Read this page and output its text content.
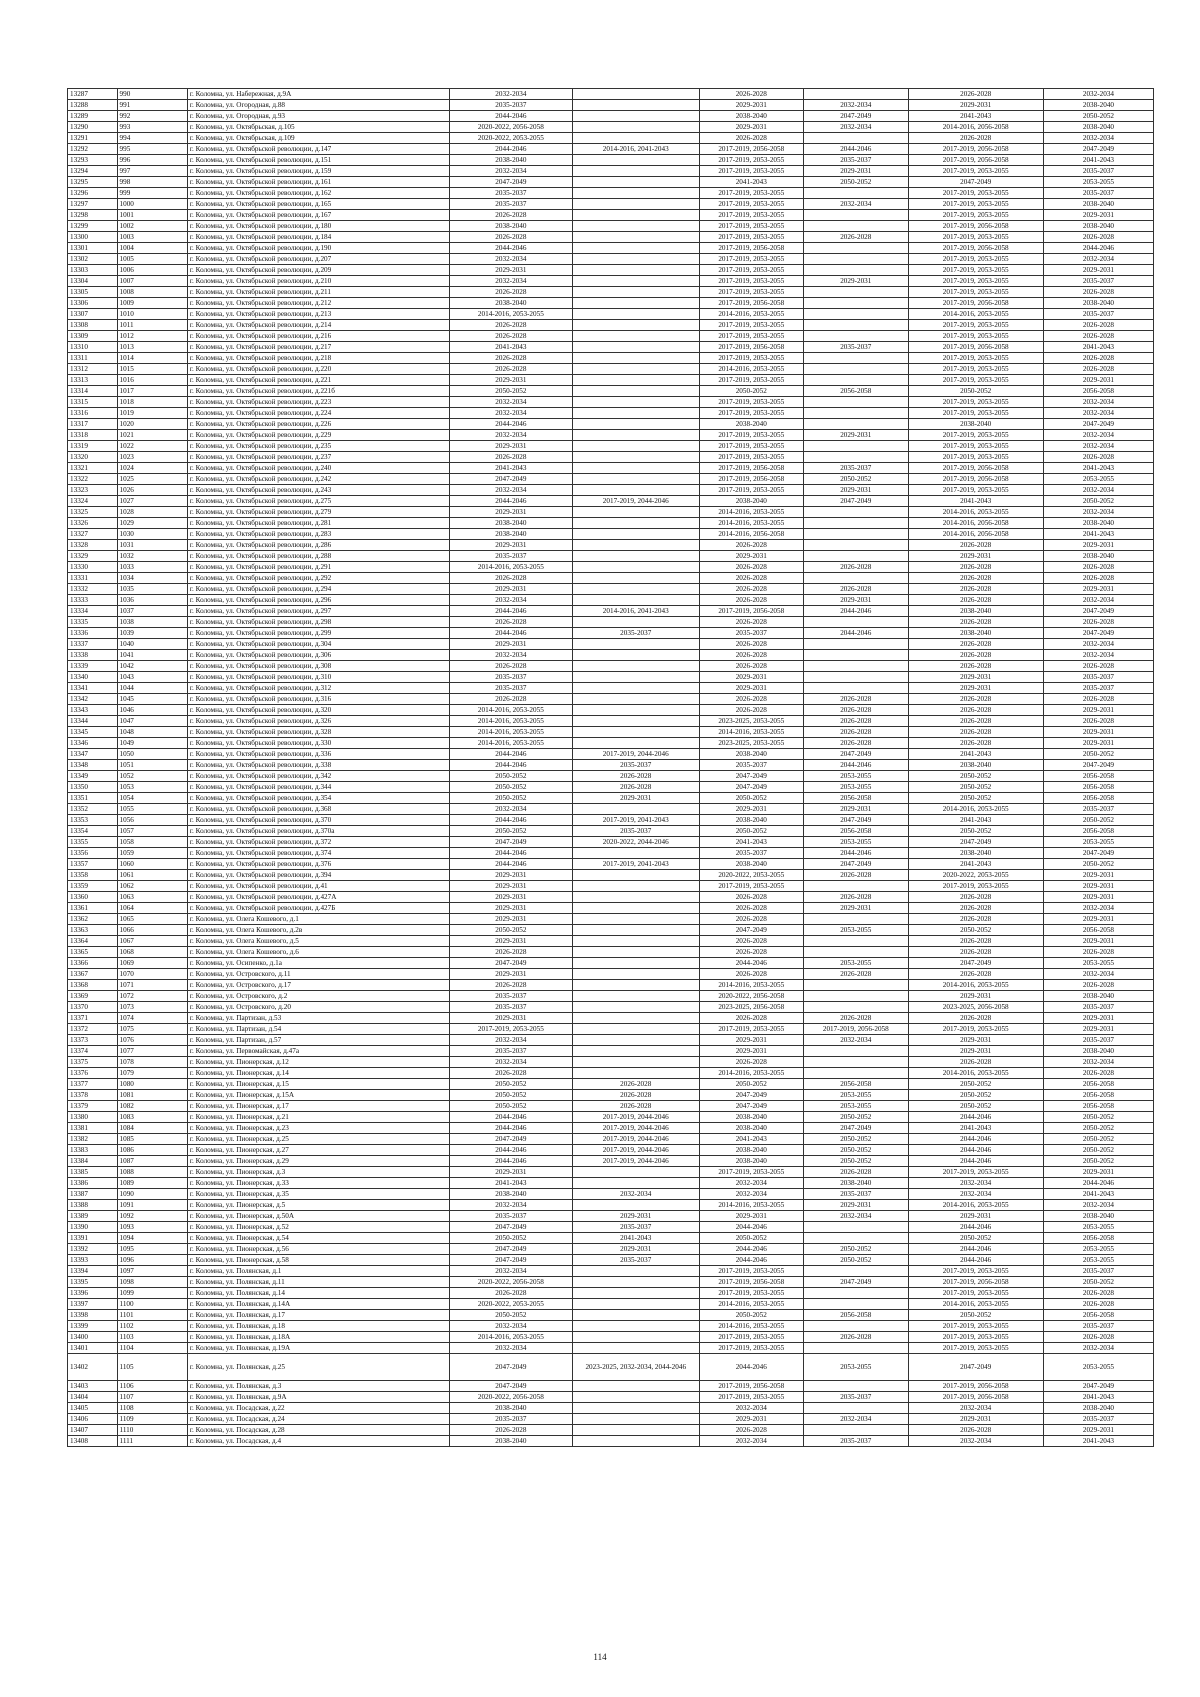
13287	990	г. Коломна, ул. Набережная, д.9А	2032-2034		2026-2028		2026-2028	2032-2034
13288	991	г. Коломна, ул. Огородная, д.88	2035-2037		2029-2031	2032-2034	2029-2031	2038-2040
13289	992	г. Коломна, ул. Огородная, д.93	2044-2046		2038-2040	2047-2049	2041-2043	2050-2052
13290	993	г. Коломна, ул. Октябрьская, д.105	2020-2022, 2056-2058		2029-2031	2032-2034	2014-2016, 2056-2058	2038-2040
13291	994	г. Коломна, ул. Октябрьская, д.109	2020-2022, 2053-2055		2026-2028		2026-2028	2032-2034
13292	995	г. Коломна, ул. Октябрьской революции, д.147	2044-2046	2014-2016, 2041-2043	2017-2019, 2056-2058	2044-2046	2017-2019, 2056-2058	2047-2049
13293	996	г. Коломна, ул. Октябрьской революции, д.151	2038-2040		2017-2019, 2053-2055	2035-2037	2017-2019, 2056-2058	2041-2043
13294	997	г. Коломна, ул. Октябрьской революции, д.159	2032-2034		2017-2019, 2053-2055	2029-2031	2017-2019, 2053-2055	2035-2037
13295	998	г. Коломна, ул. Октябрьской революции, д.161	2047-2049		2041-2043	2050-2052	2047-2049	2053-2055
13296	999	г. Коломна, ул. Октябрьской революции, д.162	2035-2037		2017-2019, 2053-2055		2017-2019, 2053-2055	2035-2037
13297	1000	г. Коломна, ул. Октябрьской революции, д.165	2035-2037		2017-2019, 2053-2055	2032-2034	2017-2019, 2053-2055	2038-2040
13298	1001	г. Коломна, ул. Октябрьской революции, д.167	2026-2028		2017-2019, 2053-2055		2017-2019, 2053-2055	2029-2031
13299	1002	г. Коломна, ул. Октябрьской революции, д.180	2038-2040		2017-2019, 2053-2055		2017-2019, 2056-2058	2038-2040
13300	1003	г. Коломна, ул. Октябрьской революции, д.184	2026-2028		2017-2019, 2053-2055	2026-2028	2017-2019, 2053-2055	2026-2028
13301	1004	г. Коломна, ул. Октябрьской революции, д.190	2044-2046		2017-2019, 2056-2058		2017-2019, 2056-2058	2044-2046
13302	1005	г. Коломна, ул. Октябрьской революции, д.207	2032-2034		2017-2019, 2053-2055		2017-2019, 2053-2055	2032-2034
13303	1006	г. Коломна, ул. Октябрьской революции, д.209	2029-2031		2017-2019, 2053-2055		2017-2019, 2053-2055	2029-2031
13304	1007	г. Коломна, ул. Октябрьской революции, д.210	2032-2034		2017-2019, 2053-2055	2029-2031	2017-2019, 2053-2055	2035-2037
13305	1008	г. Коломна, ул. Октябрьской революции, д.211	2026-2028		2017-2019, 2053-2055		2017-2019, 2053-2055	2026-2028
13306	1009	г. Коломна, ул. Октябрьской революции, д.212	2038-2040		2017-2019, 2056-2058		2017-2019, 2056-2058	2038-2040
13307	1010	г. Коломна, ул. Октябрьской революции, д.213	2014-2016, 2053-2055		2014-2016, 2053-2055		2014-2016, 2053-2055	2035-2037
13308	1011	г. Коломна, ул. Октябрьской революции, д.214	2026-2028		2017-2019, 2053-2055		2017-2019, 2053-2055	2026-2028
13309	1012	г. Коломна, ул. Октябрьской революции, д.216	2026-2028		2017-2019, 2053-2055		2017-2019, 2053-2055	2026-2028
13310	1013	г. Коломна, ул. Октябрьской революции, д.217	2041-2043		2017-2019, 2056-2058	2035-2037	2017-2019, 2056-2058	2041-2043
13311	1014	г. Коломна, ул. Октябрьской революции, д.218	2026-2028		2017-2019, 2053-2055		2017-2019, 2053-2055	2026-2028
13312	1015	г. Коломна, ул. Октябрьской революции, д.220	2026-2028		2014-2016, 2053-2055		2017-2019, 2053-2055	2026-2028
13313	1016	г. Коломна, ул. Октябрьской революции, д.221	2029-2031		2017-2019, 2053-2055		2017-2019, 2053-2055	2029-2031
13314	1017	г. Коломна, ул. Октябрьской революции, д.221б	2050-2052		2050-2052	2056-2058	2050-2052	2056-2058
13315	1018	г. Коломна, ул. Октябрьской революции, д.223	2032-2034		2017-2019, 2053-2055		2017-2019, 2053-2055	2032-2034
13316	1019	г. Коломна, ул. Октябрьской революции, д.224	2032-2034		2017-2019, 2053-2055		2017-2019, 2053-2055	2032-2034
13317	1020	г. Коломна, ул. Октябрьской революции, д.226	2044-2046		2038-2040		2038-2040	2047-2049
13318	1021	г. Коломна, ул. Октябрьской революции, д.229	2032-2034		2017-2019, 2053-2055	2029-2031	2017-2019, 2053-2055	2032-2034
13319	1022	г. Коломна, ул. Октябрьской революции, д.235	2029-2031		2017-2019, 2053-2055		2017-2019, 2053-2055	2032-2034
13320	1023	г. Коломна, ул. Октябрьской революции, д.237	2026-2028		2017-2019, 2053-2055		2017-2019, 2053-2055	2026-2028
13321	1024	г. Коломна, ул. Октябрьской революции, д.240	2041-2043		2017-2019, 2056-2058	2035-2037	2017-2019, 2056-2058	2041-2043
13322	1025	г. Коломна, ул. Октябрьской революции, д.242	2047-2049		2017-2019, 2056-2058	2050-2052	2017-2019, 2056-2058	2053-2055
13323	1026	г. Коломна, ул. Октябрьской революции, д.243	2032-2034		2017-2019, 2053-2055	2029-2031	2017-2019, 2053-2055	2032-2034
13324	1027	г. Коломна, ул. Октябрьской революции, д.275	2044-2046	2017-2019, 2044-2046	2038-2040	2047-2049	2041-2043	2050-2052
13325	1028	г. Коломна, ул. Октябрьской революции, д.279	2029-2031		2014-2016, 2053-2055		2014-2016, 2053-2055	2032-2034
13326	1029	г. Коломна, ул. Октябрьской революции, д.281	2038-2040		2014-2016, 2053-2055		2014-2016, 2056-2058	2038-2040
13327	1030	г. Коломна, ул. Октябрьской революции, д.283	2038-2040		2014-2016, 2056-2058		2014-2016, 2056-2058	2041-2043
13328	1031	г. Коломна, ул. Октябрьской революции, д.286	2029-2031		2026-2028		2026-2028	2029-2031
13329	1032	г. Коломна, ул. Октябрьской революции, д.288	2035-2037		2029-2031		2029-2031	2038-2040
13330	1033	г. Коломна, ул. Октябрьской революции, д.291	2014-2016, 2053-2055		2026-2028	2026-2028	2026-2028	2026-2028
13331	1034	г. Коломна, ул. Октябрьской революции, д.292	2026-2028		2026-2028		2026-2028	2026-2028
13332	1035	г. Коломна, ул. Октябрьской революции, д.294	2029-2031		2026-2028	2026-2028	2026-2028	2029-2031
13333	1036	г. Коломна, ул. Октябрьской революции, д.296	2032-2034		2026-2028	2029-2031	2026-2028	2032-2034
13334	1037	г. Коломна, ул. Октябрьской революции, д.297	2044-2046	2014-2016, 2041-2043	2017-2019, 2056-2058	2044-2046	2038-2040	2047-2049
13335	1038	г. Коломна, ул. Октябрьской революции, д.298	2026-2028		2026-2028		2026-2028	2026-2028
13336	1039	г. Коломна, ул. Октябрьской революции, д.299	2044-2046	2035-2037	2035-2037	2044-2046	2038-2040	2047-2049
13337	1040	г. Коломна, ул. Октябрьской революции, д.304	2029-2031		2026-2028		2026-2028	2032-2034
13338	1041	г. Коломна, ул. Октябрьской революции, д.306	2032-2034		2026-2028		2026-2028	2032-2034
13339	1042	г. Коломна, ул. Октябрьской революции, д.308	2026-2028		2026-2028		2026-2028	2026-2028
13340	1043	г. Коломна, ул. Октябрьской революции, д.310	2035-2037		2029-2031		2029-2031	2035-2037
13341	1044	г. Коломна, ул. Октябрьской революции, д.312	2035-2037		2029-2031		2029-2031	2035-2037
13342	1045	г. Коломна, ул. Октябрьской революции, д.316	2026-2028		2026-2028	2026-2028	2026-2028	2026-2028
13343	1046	г. Коломна, ул. Октябрьской революции, д.320	2014-2016, 2053-2055		2026-2028	2026-2028	2026-2028	2029-2031
13344	1047	г. Коломна, ул. Октябрьской революции, д.326	2014-2016, 2053-2055		2023-2025, 2053-2055	2026-2028	2026-2028	2026-2028
13345	1048	г. Коломна, ул. Октябрьской революции, д.328	2014-2016, 2053-2055		2014-2016, 2053-2055	2026-2028	2026-2028	2029-2031
13346	1049	г. Коломна, ул. Октябрьской революции, д.330	2014-2016, 2053-2055		2023-2025, 2053-2055	2026-2028	2026-2028	2029-2031
13347	1050	г. Коломна, ул. Октябрьской революции, д.336	2044-2046	2017-2019, 2044-2046	2038-2040	2047-2049	2041-2043	2050-2052
13348	1051	г. Коломна, ул. Октябрьской революции, д.338	2044-2046	2035-2037	2035-2037	2044-2046	2038-2040	2047-2049
13349	1052	г. Коломна, ул. Октябрьской революции, д.342	2050-2052	2026-2028	2047-2049	2053-2055	2050-2052	2056-2058
13350	1053	г. Коломна, ул. Октябрьской революции, д.344	2050-2052	2026-2028	2047-2049	2053-2055	2050-2052	2056-2058
13351	1054	г. Коломна, ул. Октябрьской революции, д.354	2050-2052	2029-2031	2050-2052	2056-2058	2050-2052	2056-2058
13352	1055	г. Коломна, ул. Октябрьской революции, д.368	2032-2034		2029-2031	2029-2031	2014-2016, 2053-2055	2035-2037
13353	1056	г. Коломна, ул. Октябрьской революции, д.370	2044-2046	2017-2019, 2041-2043	2038-2040	2047-2049	2041-2043	2050-2052
13354	1057	г. Коломна, ул. Октябрьской революции, д.370а	2050-2052	2035-2037	2050-2052	2056-2058	2050-2052	2056-2058
13355	1058	г. Коломна, ул. Октябрьской революции, д.372	2047-2049	2020-2022, 2044-2046	2041-2043	2053-2055	2047-2049	2053-2055
13356	1059	г. Коломна, ул. Октябрьской революции, д.374	2044-2046		2035-2037	2044-2046	2038-2040	2047-2049
13357	1060	г. Коломна, ул. Октябрьской революции, д.376	2044-2046	2017-2019, 2041-2043	2038-2040	2047-2049	2041-2043	2050-2052
13358	1061	г. Коломна, ул. Октябрьской революции, д.394	2029-2031		2020-2022, 2053-2055	2026-2028	2020-2022, 2053-2055	2029-2031
13359	1062	г. Коломна, ул. Октябрьской революции, д.41	2029-2031		2017-2019, 2053-2055		2017-2019, 2053-2055	2029-2031
13360	1063	г. Коломна, ул. Октябрьской революции, д.427А	2029-2031		2026-2028	2026-2028	2026-2028	2029-2031
13361	1064	г. Коломна, ул. Октябрьской революции, д.427Б	2029-2031		2026-2028	2029-2031	2026-2028	2032-2034
13362	1065	г. Коломна, ул. Олега Кошевого, д.1	2029-2031		2026-2028		2026-2028	2029-2031
13363	1066	г. Коломна, ул. Олега Кошевого, д.2в	2050-2052		2047-2049	2053-2055	2050-2052	2056-2058
13364	1067	г. Коломна, ул. Олега Кошевого, д.5	2029-2031		2026-2028		2026-2028	2029-2031
13365	1068	г. Коломна, ул. Олега Кошевого, д.6	2026-2028		2026-2028		2026-2028	2026-2028
13366	1069	г. Коломна, ул. Осипенко, д.1а	2047-2049		2044-2046	2053-2055	2047-2049	2053-2055
13367	1070	г. Коломна, ул. Островского, д.11	2029-2031		2026-2028	2026-2028	2026-2028	2032-2034
13368	1071	г. Коломна, ул. Островского, д.17	2026-2028		2014-2016, 2053-2055		2014-2016, 2053-2055	2026-2028
13369	1072	г. Коломна, ул. Островского, д.2	2035-2037		2020-2022, 2056-2058		2029-2031	2038-2040
13370	1073	г. Коломна, ул. Островского, д.20	2035-2037		2023-2025, 2056-2058		2023-2025, 2056-2058	2035-2037
13371	1074	г. Коломна, ул. Партизан, д.53	2029-2031		2026-2028	2026-2028	2026-2028	2029-2031
13372	1075	г. Коломна, ул. Партизан, д.54	2017-2019, 2053-2055		2017-2019, 2053-2055	2017-2019, 2056-2058	2017-2019, 2053-2055	2029-2031
13373	1076	г. Коломна, ул. Партизан, д.57	2032-2034		2029-2031	2032-2034	2029-2031	2035-2037
13374	1077	г. Коломна, ул. Первомайская, д.47а	2035-2037		2029-2031		2029-2031	2038-2040
13375	1078	г. Коломна, ул. Пионерская, д.12	2032-2034		2026-2028		2026-2028	2032-2034
13376	1079	г. Коломна, ул. Пионерская, д.14	2026-2028		2014-2016, 2053-2055		2014-2016, 2053-2055	2026-2028
13377	1080	г. Коломна, ул. Пионерская, д.15	2050-2052	2026-2028	2050-2052	2056-2058	2050-2052	2056-2058
13378	1081	г. Коломна, ул. Пионерская, д.15А	2050-2052	2026-2028	2047-2049	2053-2055	2050-2052	2056-2058
13379	1082	г. Коломна, ул. Пионерская, д.17	2050-2052	2026-2028	2047-2049	2053-2055	2050-2052	2056-2058
13380	1083	г. Коломна, ул. Пионерская, д.21	2044-2046	2017-2019, 2044-2046	2038-2040	2050-2052	2044-2046	2050-2052
13381	1084	г. Коломна, ул. Пионерская, д.23	2044-2046	2017-2019, 2044-2046	2038-2040	2047-2049	2041-2043	2050-2052
13382	1085	г. Коломна, ул. Пионерская, д.25	2047-2049	2017-2019, 2044-2046	2041-2043	2050-2052	2044-2046	2050-2052
13383	1086	г. Коломна, ул. Пионерская, д.27	2044-2046	2017-2019, 2044-2046	2038-2040	2050-2052	2044-2046	2050-2052
13384	1087	г. Коломна, ул. Пионерская, д.29	2044-2046	2017-2019, 2044-2046	2038-2040	2050-2052	2044-2046	2050-2052
13385	1088	г. Коломна, ул. Пионерская, д.3	2029-2031		2017-2019, 2053-2055	2026-2028	2017-2019, 2053-2055	2029-2031
13386	1089	г. Коломна, ул. Пионерская, д.33	2041-2043		2032-2034	2038-2040	2032-2034	2044-2046
13387	1090	г. Коломна, ул. Пионерская, д.35	2038-2040	2032-2034	2032-2034	2035-2037	2032-2034	2041-2043
13388	1091	г. Коломна, ул. Пионерская, д.5	2032-2034		2014-2016, 2053-2055	2029-2031	2014-2016, 2053-2055	2032-2034
13389	1092	г. Коломна, ул. Пионерская, д.50А	2035-2037	2029-2031	2029-2031	2032-2034	2029-2031	2038-2040
13390	1093	г. Коломна, ул. Пионерская, д.52	2047-2049	2035-2037	2044-2046		2044-2046	2053-2055
13391	1094	г. Коломна, ул. Пионерская, д.54	2050-2052	2041-2043	2050-2052		2050-2052	2056-2058
13392	1095	г. Коломна, ул. Пионерская, д.56	2047-2049	2029-2031	2044-2046	2050-2052	2044-2046	2053-2055
13393	1096	г. Коломна, ул. Пионерская, д.58	2047-2049	2035-2037	2044-2046	2050-2052	2044-2046	2053-2055
13394	1097	г. Коломна, ул. Полянская, д.1	2032-2034		2017-2019, 2053-2055		2017-2019, 2053-2055	2035-2037
13395	1098	г. Коломна, ул. Полянская, д.11	2020-2022, 2056-2058		2017-2019, 2056-2058	2047-2049	2017-2019, 2056-2058	2050-2052
13396	1099	г. Коломна, ул. Полянская, д.14	2026-2028		2017-2019, 2053-2055		2017-2019, 2053-2055	2026-2028
13397	1100	г. Коломна, ул. Полянская, д.14А	2020-2022, 2053-2055		2014-2016, 2053-2055		2014-2016, 2053-2055	2026-2028
13398	1101	г. Коломна, ул. Полянская, д.17	2050-2052		2050-2052	2056-2058	2050-2052	2056-2058
13399	1102	г. Коломна, ул. Полянская, д.18	2032-2034		2014-2016, 2053-2055		2017-2019, 2053-2055	2035-2037
13400	1103	г. Коломна, ул. Полянская, д.18А	2014-2016, 2053-2055		2017-2019, 2053-2055	2026-2028	2017-2019, 2053-2055	2026-2028
13401	1104	г. Коломна, ул. Полянская, д.19А	2032-2034		2017-2019, 2053-2055		2017-2019, 2053-2055	2032-2034
13402	1105	г. Коломна, ул. Полянская, д.25	2047-2049	2023-2025, 2032-2034, 2044-2046	2044-2046	2053-2055	2047-2049	2053-2055
13403	1106	г. Коломна, ул. Полянская, д.3	2047-2049		2017-2019, 2056-2058		2017-2019, 2056-2058	2047-2049
13404	1107	г. Коломна, ул. Полянская, д.9А	2020-2022, 2056-2058		2017-2019, 2053-2055	2035-2037	2017-2019, 2056-2058	2041-2043
13405	1108	г. Коломна, ул. Посадская, д.22	2038-2040		2032-2034		2032-2034	2038-2040
13406	1109	г. Коломна, ул. Посадская, д.24	2035-2037		2029-2031	2032-2034	2029-2031	2035-2037
13407	1110	г. Коломна, ул. Посадская, д.28	2026-2028		2026-2028		2026-2028	2029-2031
13408	1111	г. Коломна, ул. Посадская, д.4	2038-2040		2032-2034	2035-2037	2032-2034	2041-2043
114
